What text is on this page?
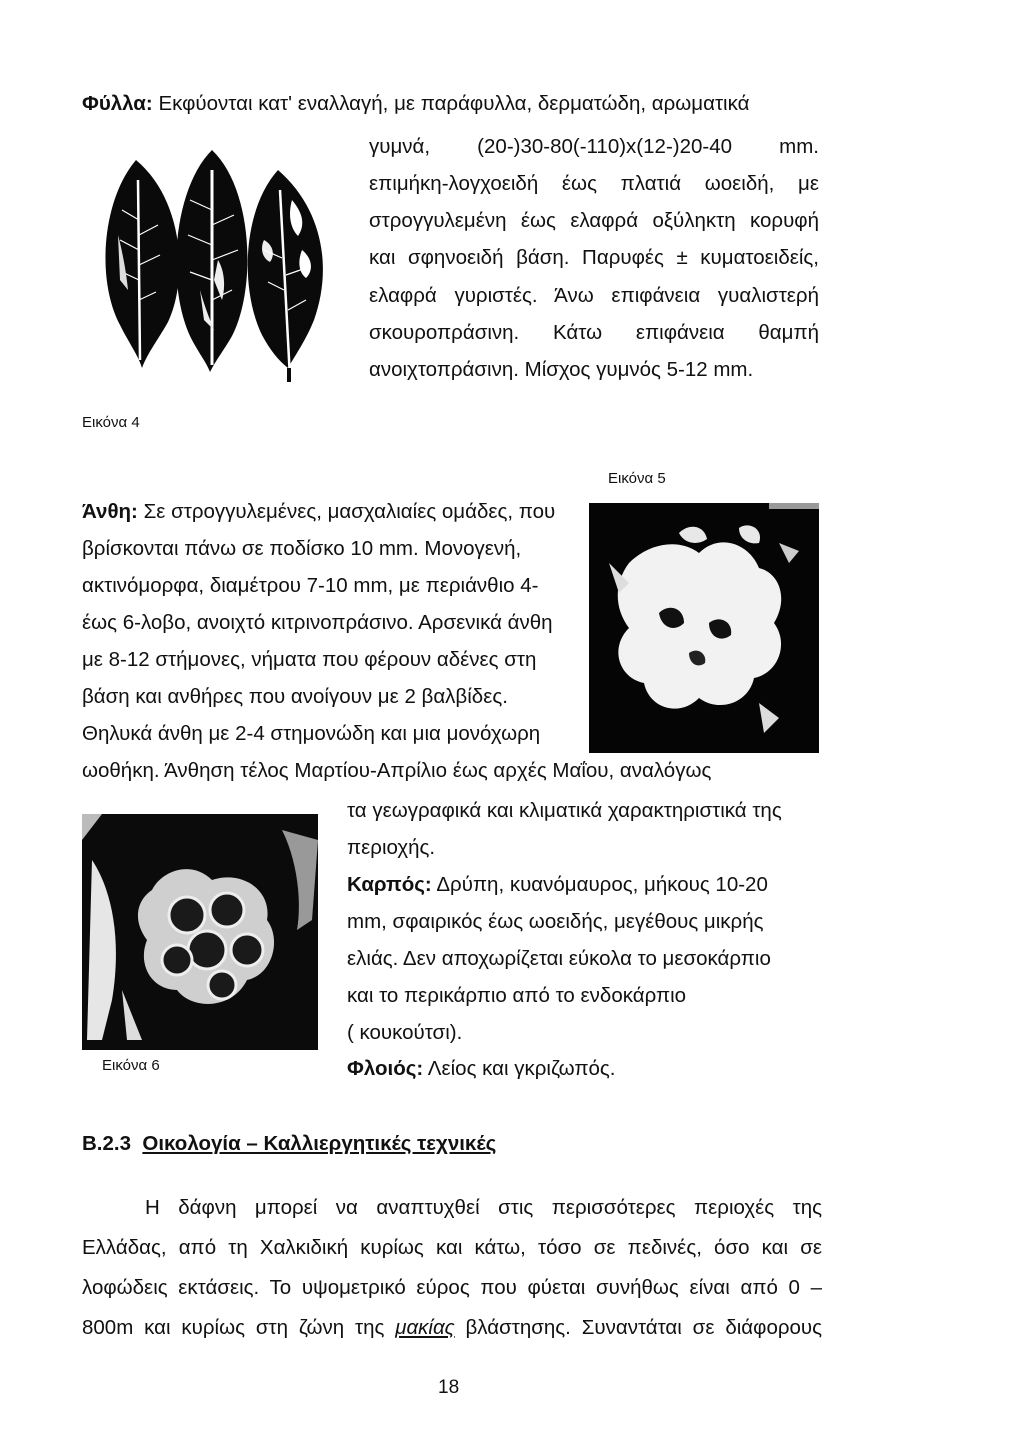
Φύλλα: Εκφύονται κατ' εναλλαγή, με παράφυλλα, δερματώδη, αρωματικά
γυμνά, (20-)30-80(-110)x(12-)20-40 mm.
επιμήκη-λογχοειδή έως πλατιά ωοειδή, με
στρογγυλεμένη έως ελαφρά οξύληκτη κορυφή
και σφηνοειδή βάση. Παρυφές ± κυματοειδείς,
ελαφρά γυριστές. Άνω επιφάνεια γυαλιστερή
σκουροπράσινη. Κάτω επιφάνεια θαμπή
ανοιχτοπράσινη. Μίσχος γυμνός 5-12 mm.
Εικόνα 4
Εικόνα 5
Άνθη: Σε στρογγυλεμένες, μασχαλιαίες ομάδες, που
βρίσκονται πάνω σε ποδίσκο 10 mm. Μονογενή,
ακτινόμορφα, διαμέτρου 7-10 mm, με περιάνθιο 4-
έως 6-λοβο, ανοιχτό κιτρινοπράσινο. Αρσενικά άνθη
με 8-12 στήμονες, νήματα που φέρουν αδένες στη
βάση και ανθήρες που ανοίγουν με 2 βαλβίδες.
Θηλυκά άνθη με 2-4 στημονώδη και μια μονόχωρη
ωοθήκη. Άνθηση τέλος Μαρτίου-Απρίλιο έως αρχές Μαΐου, αναλόγως
Εικόνα 6
τα γεωγραφικά και κλιματικά χαρακτηριστικά της
περιοχής.
Καρπός: Δρύπη, κυανόμαυρος, μήκους 10-20
mm, σφαιρικός έως ωοειδής, μεγέθους μικρής
ελιάς. Δεν αποχωρίζεται εύκολα το μεσοκάρπιο
και το περικάρπιο από το ενδοκάρπιο
( κουκούτσι).
Φλοιός: Λείος και γκριζωπός.
Β.2.3 Οικολογία – Καλλιεργητικές τεχνικές
Η δάφνη μπορεί να αναπτυχθεί στις περισσότερες περιοχές της
Ελλάδας, από τη Χαλκιδική κυρίως και κάτω, τόσο σε πεδινές, όσο και σε
λοφώδεις εκτάσεις. Το υψομετρικό εύρος που φύεται συνήθως είναι από 0 –
800m και κυρίως στη ζώνη της μακίας βλάστησης. Συναντάται σε διάφορους
18
